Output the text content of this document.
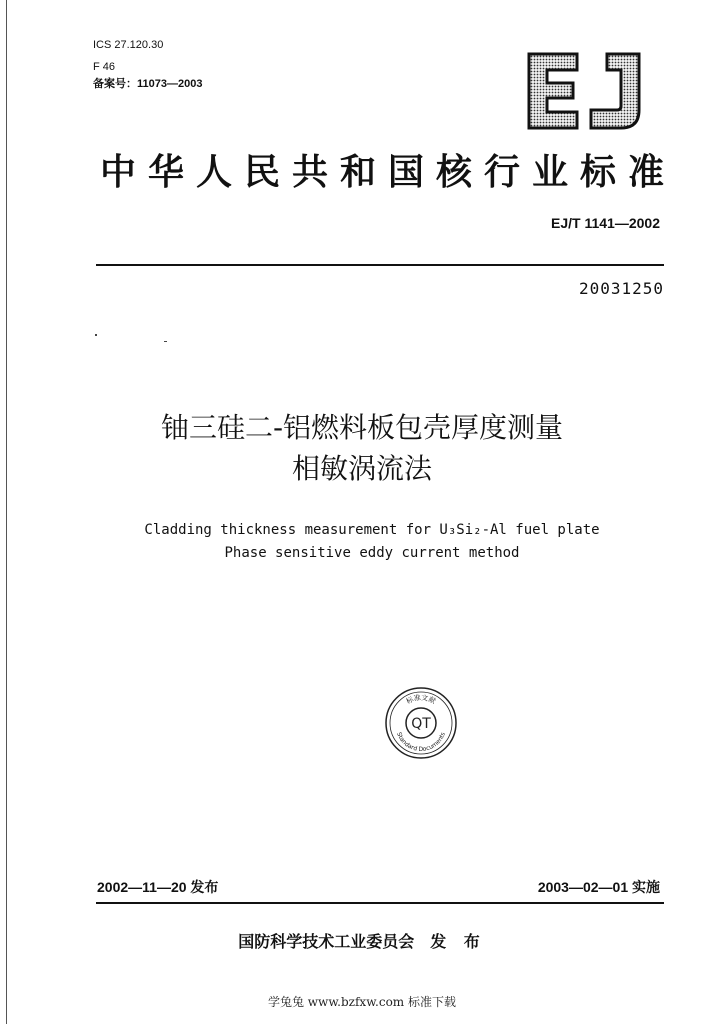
ICS 27.120.30
F 46
备案号：11073—2003
中华人民共和国核行业标准
EJ/T 1141—2002
20031250
铀三硅二-铝燃料板包壳厚度测量
相敏涡流法
Cladding thickness measurement for U₃Si₂-Al fuel plate
Phase sensitive eddy current method
QT
标准文献
Standard Documents
2002—11—20 发布	2003—02—01 实施
国防科学技术工业委员会 发 布
学兔兔 www.bzfxw.com 标准下载
